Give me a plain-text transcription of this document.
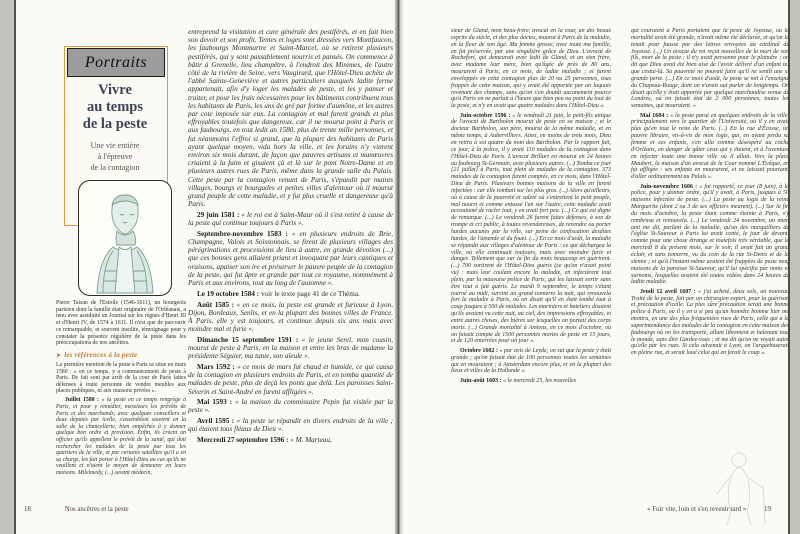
Portraits
Vivre
au temps
de la peste
Une vie entière
à l'épreuve
de la contagion

Pierre Taisan de l'Estoile (1546-1611), un bourgeois parisien dont la famille était originaire de l'Orléanais, a tenu avec assiduité un Journal sur les règnes d'Henri III et d'Henri IV, de 1574 à 1611. Il n'est que de parcourir ce remarquable, et souvent insolite, témoignage pour y constater la présence régulière de la peste dans les préoccupations de nos ancêtres.

➤ les références à la peste

La première mention de la peste à Paris se situe en mars 1580 : « en ce temps, y a commencement de peste à Paris. De fait sont par arrêt de la cour de Paris faites défenses à toute personne de vendre meubles aux places publiques, ni aux maisons privées ».

Juillet 1580 : « la peste en ce temps rengrège à Paris, et pour y remédier, messieurs les prévôts de Paris et des marchands, avec quelques conseillers et deux députés par icelle, s'assemblent souvent en la salle de la chancellerie, bien empêchés à y donner quelque bon ordre et provision. Enfin, ils créent un officier qu'ils appellent le prévôt de la santé, qui doit rechercher les malades de la peste par tous les quartiers de la ville, et par certains satellites qu'il a en sa charge, les fait porter à l'Hôtel-Dieu au cas qu'ils ne veuillent et n'aient le moyen de demeurer en leurs maisons. Milelmedy, (...) savant médecin,

entreprend la visitation et cure générale des pestiférés, et en fait bien son devoir et son profit. Tentes et loges sont dressées vers Montfaucon, les faubourgs Montmartre et Saint-Marcel, où se retirent plusieurs pestiférés, qui y sont passablement nourris et pansés. On commence à bâtir à Grenelle, lieu champêtre, à l'endroit des Minimes, de l'autre côté de la rivière de Seine, vers Vaugirard, que l'Hôtel-Dieu achète de l'abbé Sainte-Geneviève et autres particuliers auxquels ladite ferme appartenait, afin d'y loger les malades de peste, et les y panser et traiter, et pour les frais nécessaires pour les bâtiments contribuent tous les habitants de Paris, les uns de gré par forme d'aumône, et les autres par cote imposée sur eux. La contagion et mal furent grands et plus effroyables toutefois que dangereux, car il ne mourut point à Paris et aux faubourgs, en tout ledit an 1580, plus de trente mille personnes, et fut néanmoins l'effroi si grand, que la plupart des habitants de Paris ayant quelque moyen, vida hors la ville, et les forains n'y vinrent environ six mois durant, de façon que pauvres artisans et manœuvres criaient à la faim et gisaient çà et là sur le pont Notre-Dame et en plusieurs autres rues de Paris, même dans la grande salle du Palais. Cette peste par la contagion venant de Paris, s'épandit par maints villages, bourgs et bourgades et petites villes d'alentour où il mourut grand peuple de cette maladie, et y fut plus cruelle et dangereuse qu'à Paris.

29 juin 1581 : « le roi est à Saint-Maur où il s'est retiré à cause de la peste qui continue toujours à Paris ».

Septembre-novembre 1583 : « en plusieurs endroits de Brie, Champagne, Valois et Soissonnais, se firent de plusieurs villages des pérégrinations et processions de lieu à autre, en grande dévotion (...) que ces bonnes gens allaient priant et invoquant par leurs cantiques et oraisons, apaiser son ire et préserver le pauvre peuple de la contagion de la peste, qui fut âpre et grande par tout ce royaume, nommément à Paris et aux environs, tout au long de l'automne ».

Le 19 octobre 1584 : voir le texte page 41 de ce Théma.

Août 1585 : « en ce mois, la peste est grande et furieuse à Lyon, Dijon, Bordeaux, Senlis, et en la plupart des bonnes villes de France. À Paris, elle y est toujours, et continue depuis six ans mais avec moindre mal et furie ».

Dimanche 15 septembre 1591 : « le jeune Serel, mon cousin, mourut de peste à Paris, en la maison et entre les bras de madame la présidente Séguier, ma tante, son aïeule ».

Mars 1592 : « ce mois de mars fut chaud et humide, ce qui causa de la contagion en plusieurs endroits de Paris, et en tomba quantité de malades de peste, plus de deçà les ponts que delà. Les paroisses Saint-Séverin et Saint-André en furent affligées ».

Mai 1593 : « la maison du commissaire Pepin fut visitée par la peste ».

Avril 1595 : « la peste se répandit en divers endroits de la ville ; qui étaient tous fléaux de Dieu ».

Mercredi 27 septembre 1596 : « M. Marteau,

18	Nos ancêtres et la peste

sieur de Gland, mon beau-frère, avocat en la cour, un des beaux esprits du siècle, et des plus doctes, mourut à Paris de la maladie, en la fleur de son âge. Ma femme grosse, avec toute ma famille, en fut préservée, par une singulière grâce de Dieu. L'avocat de Rochefort, qui demeurait avec ledit de Gland, et un sien frère, avec madame leur mère, bien qu'âgée de près de 80 ans, moururent à Paris, en ce mois, de ladite maladie ; et furent enveloppés en cette contagion plus de 20 ou 25 personnes, tous frappés de cette maison, qui y avait été apportée par un laquais revenant des champs, sans qu'on s'en doutât aucunement pource qu'à Paris on ne parlait à l'heure que bien peu ou point du tout de la peste, et n'y en avait que quatre malades dans l'Hôtel-Dieu ».

Juin-octobre 1596 : « le vendredi 21 juin, le petit-fils unique de l'avocat de Bartholon mourut de peste en sa maison ; et le docteur Bartholon, son père, mourut de la même maladie, et en même temps, à Aubervilliers. Ainsi, en moins de trois mois, Dieu en retira à soi quatre du nom des Bartholon. Par le rapport fait, ce jour, à la police, il y avait 110 malades de la contagion dans l'Hôtel-Dieu de Paris. L'avocat Brillart en mourut en 24 heures au faubourg St-Germain, avec plusieurs autres. (...) Tomba ce jour [21 juillet] à Paris, tout plein de malades de la contagion. 373 malades de la contagion furent comptés, en ce mois, dans l'Hôtel-Dieu de Paris. Plusieurs bonnes maisons de la ville en furent infectées : car elle tombait sur les plus gros. (...) Alors qu'ailleurs, où à cause de la pauvreté et saleté où s'entretient le petit peuple, mal nourri et comme entassé l'un sur l'autre, cette maladie avait accoutumé de racler tout, y en avait fort peu. (...) Ce qui est digne de remarque. (...) Le vendredi 26 furent faites défenses, à son de trompe et cri public, à toutes revenderesses, de revendre ou porter hardes aucunes par la ville, sur peine de confiscation desdites hardes, de l'amende et du fouet. (...) En ce mois d'août, la maladie se répandit aux villages d'alentour de Paris : ce qui déchargea la ville, où elle continuait toujours, mais avec moindre furie et danger. Tellement que sur la fin du mois beaucoup en guérirent. (...) 700 sortirent de l'Hôtel-Dieu guéris (ce qu'on n'avait point vu) : mais leur coulant encore la maladie, en infectèrent tout plein, par la mauvaise police de Paris, qui les laissait sortir sans être tout à fait guéris. Le mardi 9 septembre, le temps s'étant tourné au midi, survint un grand tonnerre la nuit, qui renouvela fort la maladie à Paris, où on disait qu'il en était tombé tout à coup jusques à 500 de malades. Les mariniers et bateliers disaient qu'ils avaient vu cette nuit, au ciel, des impressions effroyables, et entre autres choses, des bières sur lesquelles on portait des corps morts. (...) Grande mortalité à Amiens, en ce mois d'octobre, où on faisait compte de 1500 personnes mortes de peste en 15 jours, et de 120 enterrées pour un jour ».

Octobre 1602 : « par avis de Leyde, on sut que la peste y était grande ; qu'on faisait état de 100 personnes toutes les semaines qui en mouraient ; à Amsterdam encore plus, et en la plupart des lieux et villes de la Hollande ».

Juin-août 1603 : « le mercredi 25, les nouvelles

qui couraient à Paris portaient que la peste de Joyeuse, où la mortalité avait été grande, n'avait même été déclarée, et qu'on la tenait pour fausse par des lettres envoyées au cardinal de Joyeuse. (...) Un avocat du roi reçut nouvelles de la mort de son fils, mort de la peste ; il n'y avait personne pour le plaindre ; on dit que Dieu avait été bien aise de l'avoir délivré d'un enfant tel que cestui-là. Sa pauvreté ne pouvait faire qu'il ne sentît une si grande perte. (...) En ce mois d'août, la peste se mit à l'enseigne du Chapeau-Rouge, dont on n'avait ouï parler de longtemps. On disait qu'elle y était apportée par quelque marchandise venue de Londres, où on faisait état de 2 000 personnes, toutes les semaines, qui mouraient. »

Mai 1604 : « la peste parut en quelques endroits de la ville, principalement vers le quartier de l'Université, où il y en avait plus qu'en tout le reste de Paris. (...) En la rue d'Écosse, un pauvre libraire, vis-à-vis de mon logis, qui, en ayant perdu sa femme et ses enfants, s'en alla comme désespéré au coche d'Orléans, en danger de gâter ceux qui y étaient, et à l'aventure en infecter toute une bonne ville où il allait. Vers la place Maubert, la maison d'un avocat de la Cour nommé L'Évêque, en fut affligée : ses enfants en moururent, et ne laissait pourtant, d'aller ordinairement au Palais ».

Juin-novembre 1606 : « fut rapporté, ce jour (8 juin), à la police, pour y donner ordre, qu'il y avait, à Paris, jusques à 50 maisons infectées de peste. (...) La peste au logis de la reine Marguerite (dont 2 ou 3 de ses officiers meurent). (...) Sur la fin du mois d'octobre, la peste étant comme éteinte à Paris, s'y rembrasa et renouvela. (...) Le vendredi 24 novembre, un mien ami me dit, parlant de la maladie, qu'un des marguilliers de l'église St-Sauveur à Paris lui avait conté, le jour de devant, comme pour une chose étrange et toutefois très véritable, que le mercredi 8 du présent mois, sur le soir, il avait fait un grand éclair, et sans tonnerre, vu du coin de la rue St-Denis et de la sienne ; et qu'à l'instant même avaient été frappées de peste neuf maisons de la paroisse St-Sauveur, qu'il lui spécifia par noms et surnoms, lesquelles avaient été toutes vidées dans 24 heures de ladite maladie.

Jeudi 12 avril 1607 : « j'ai acheté, deux sols, un nouveau Traité de la peste, fait par un chirurgien expert, pour la guérison et précaution d'icelle. La plus sûre précaution serait une bonne police à Paris, où il y en a si peu qu'un honnête homme hier me montra, en une des plus fréquentées rues de Paris, celle qui a la superintendance des malades de la contagion en cette maison des faubourgs où on les transporte, allant librement et halenant tout le monde, sans dire Gardez-vous ; et me dit qu'on ne voyait autre qu'elle par les rues. Si cela advenait à Lyon, on l'arquebuserait en pleine rue, et serait loué celui qui en ferait le coup ».

« Fuir vite, loin et s'en revenir tard »	19
